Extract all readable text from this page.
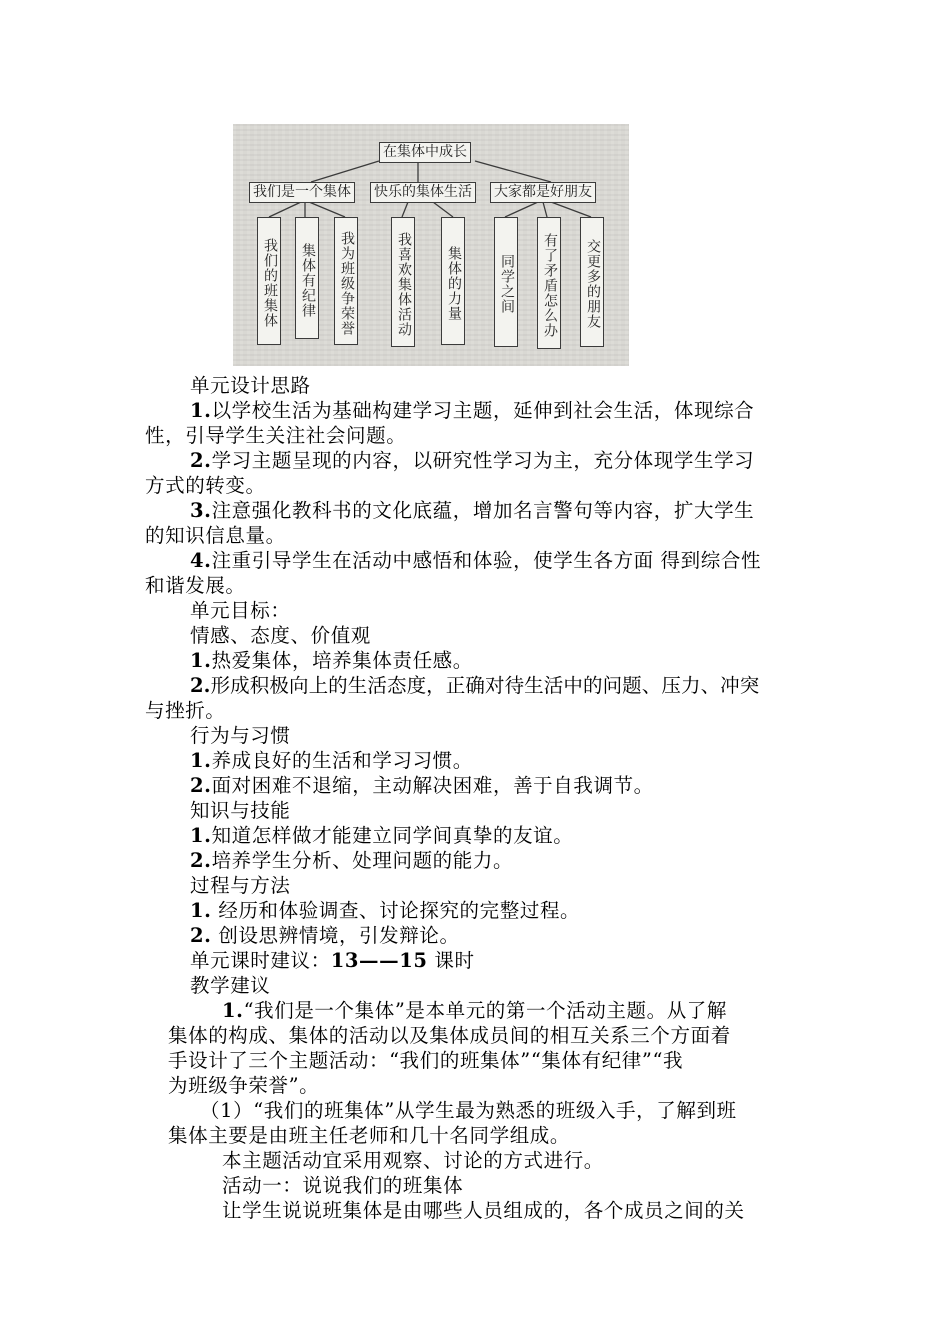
在集体中成长
我们是一个集体 快乐的集体生活 大家都是好朋友
我们的班集体	集体有纪律	我为班级争荣誉	我喜欢集体活动	集体的力量	同学之间	有了矛盾怎么办	交更多的朋友
单元设计思路
1.以学校生活为基础构建学习主题，延伸到社会生活，体现综合
性，引导学生关注社会问题。
2.学习主题呈现的内容，以研究性学习为主，充分体现学生学习
方式的转变。
3.注意强化教科书的文化底蕴，增加名言警句等内容，扩大学生
的知识信息量。
4.注重引导学生在活动中感悟和体验，使学生各方面 得到综合性
和谐发展。
单元目标：
情感、态度、价值观
1.热爱集体，培养集体责任感。
2.形成积极向上的生活态度，正确对待生活中的问题、压力、冲突
与挫折。
行为与习惯
1.养成良好的生活和学习习惯。
2.面对困难不退缩，主动解决困难，善于自我调节。
知识与技能
1.知道怎样做才能建立同学间真挚的友谊。
2.培养学生分析、处理问题的能力。
过程与方法
1. 经历和体验调查、讨论探究的完整过程。
2. 创设思辨情境，引发辩论。
单元课时建议：13——15 课时
教学建议
1.“我们是一个集体”是本单元的第一个活动主题。从了解
集体的构成、集体的活动以及集体成员间的相互关系三个方面着
手设计了三个主题活动：“我们的班集体”“集体有纪律”“我
为班级争荣誉”。
（1）“我们的班集体”从学生最为熟悉的班级入手，了解到班
集体主要是由班主任老师和几十名同学组成。
本主题活动宜采用观察、讨论的方式进行。
活动一：说说我们的班集体
让学生说说班集体是由哪些人员组成的，各个成员之间的关
